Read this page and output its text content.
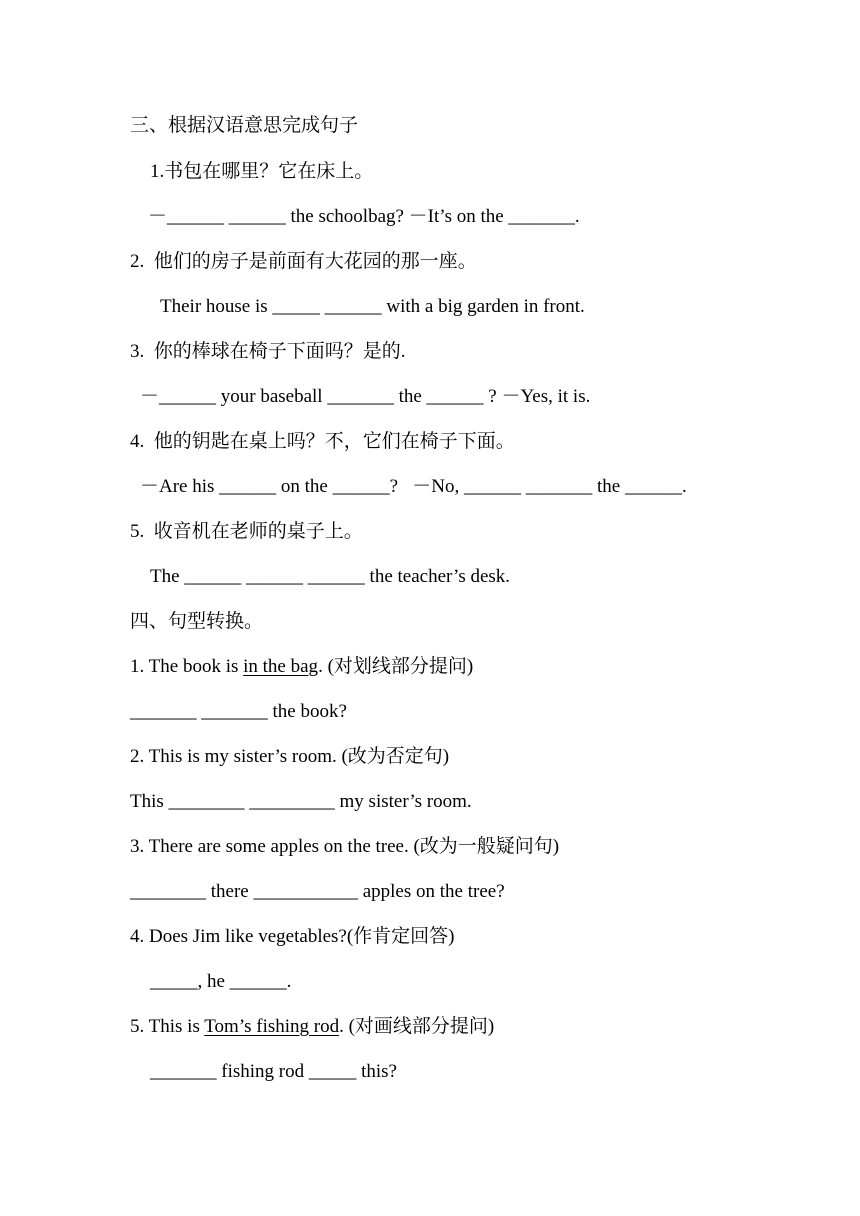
三、根据汉语意思完成句子
1.书包在哪里？它在床上。
－______ ______ the schoolbag? －It’s on the _______.
2.  他们的房子是前面有大花园的那一座。
Their house is _____ ______ with a big garden in front.
3.  你的棒球在椅子下面吗？是的.
－______ your baseball _______ the ______ ? －Yes, it is.
4.  他的钥匙在桌上吗？不，它们在椅子下面。
－Are his ______ on the ______?   －No, ______ _______ the ______.
5.  收音机在老师的桌子上。
The ______ ______ ______ the teacher’s desk.
四、句型转换。
1. The book is in the bag. (对划线部分提问)
_______ _______ the book?
2. This is my sister’s room. (改为否定句)
This ________ _________ my sister’s room.
3. There are some apples on the tree. (改为一般疑问句)
________ there ___________ apples on the tree?
4. Does Jim like vegetables?(作肯定回答)
_____, he ______.
5. This is Tom’s fishing rod. (对画线部分提问)
_______ fishing rod _____ this?
